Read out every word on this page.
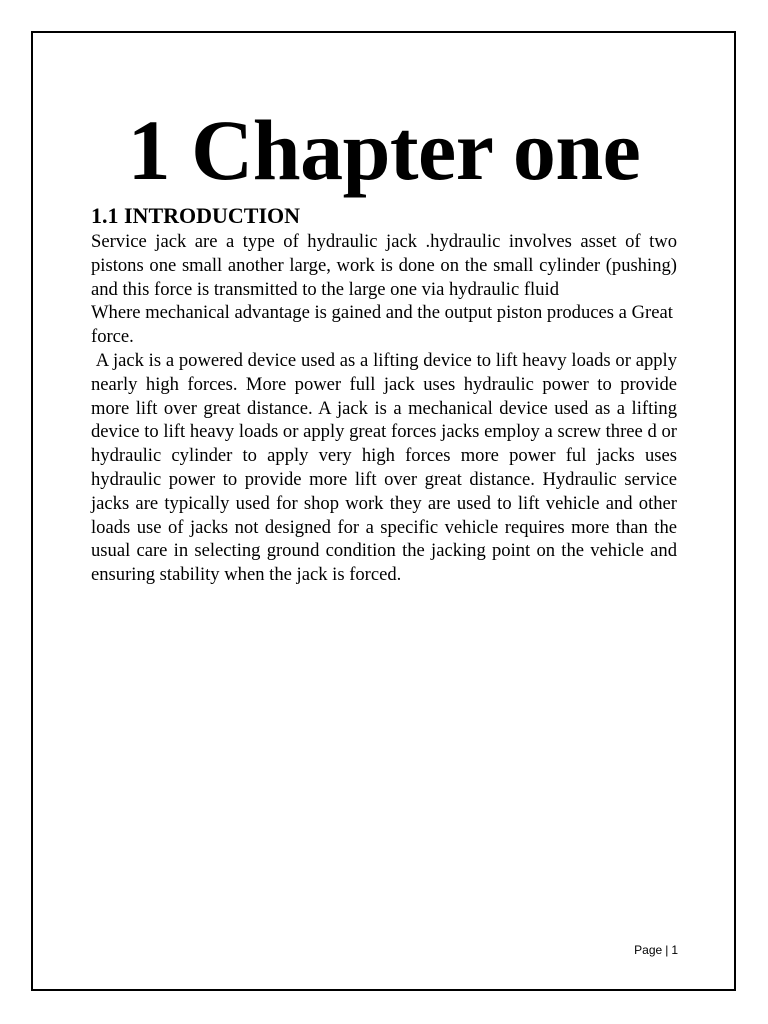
1 Chapter one
1.1 INTRODUCTION

Service jack are a type of hydraulic jack .hydraulic involves asset of two pistons one small another large, work is done on the small cylinder (pushing) and this force is transmitted to the large one via hydraulic fluid

Where mechanical advantage is gained and the output piston produces a Great force.

A jack is a powered device used as a lifting device to lift heavy loads or apply nearly high forces. More power full jack uses hydraulic power to provide more lift over great distance. A jack is a mechanical device used as a lifting device to lift heavy loads or apply great forces jacks employ a screw three d or hydraulic cylinder to apply very high forces more power ful jacks uses hydraulic power to provide more lift over great distance. Hydraulic service jacks are typically used for shop work they are used to lift vehicle and other loads use of jacks not designed for a specific vehicle requires more than the usual care in selecting ground condition the jacking point on the vehicle and ensuring stability when the jack is forced.

Page | 1
